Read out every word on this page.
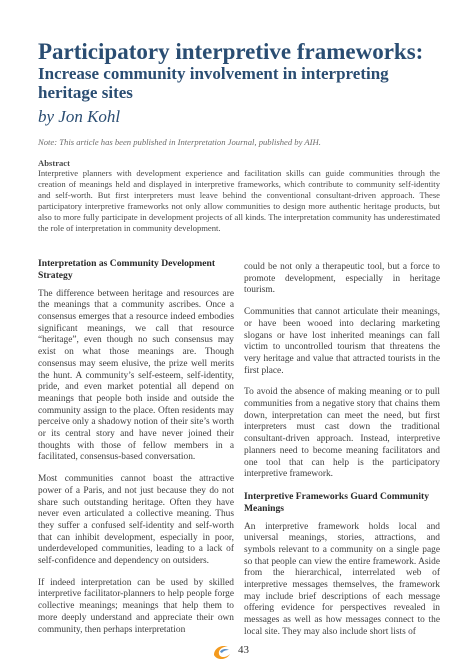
Participatory interpretive frameworks:
Increase community involvement in interpreting heritage sites
by Jon Kohl
Note: This article has been published in Interpretation Journal, published by AIH.
Abstract

Interpretive planners with development experience and facilitation skills can guide communities through the creation of meanings held and displayed in interpretive frameworks, which contribute to community self-identity and self-worth. But first interpreters must leave behind the conventional consultant-driven approach. These participatory interpretive frameworks not only allow communities to design more authentic heritage products, but also to more fully participate in development projects of all kinds. The interpretation community has underestimated the role of interpretation in community development.

Interpretation as Community Development Strategy

The difference between heritage and resources are the meanings that a community ascribes. Once a consensus emerges that a resource indeed embodies significant meanings, we call that resource “heritage”, even though no such consensus may exist on what those meanings are. Though consensus may seem elusive, the prize well merits the hunt. A community’s self-esteem, self-identity, pride, and even market potential all depend on meanings that people both inside and outside the community assign to the place. Often residents may perceive only a shadowy notion of their site’s worth or its central story and have never joined their thoughts with those of fellow members in a facilitated, consensus-based conversation.

Most communities cannot boast the attractive power of a Paris, and not just because they do not share such outstanding heritage. Often they have never even articulated a collective meaning. Thus they suffer a confused self-identity and self-worth that can inhibit development, especially in poor, underdeveloped communities, leading to a lack of self-confidence and dependency on outsiders.

If indeed interpretation can be used by skilled interpretive facilitator-planners to help people forge collective meanings; meanings that help them to more deeply understand and appreciate their own community, then perhaps interpretation

could be not only a therapeutic tool, but a force to promote development, especially in heritage tourism.

Communities that cannot articulate their meanings, or have been wooed into declaring marketing slogans or have lost inherited meanings can fall victim to uncontrolled tourism that threatens the very heritage and value that attracted tourists in the first place.

To avoid the absence of making meaning or to pull communities from a negative story that chains them down, interpretation can meet the need, but first interpreters must cast down the traditional consultant-driven approach. Instead, interpretive planners need to become meaning facilitators and one tool that can help is the participatory interpretive framework.

Interpretive Frameworks Guard Community Meanings

An interpretive framework holds local and universal meanings, stories, attractions, and symbols relevant to a community on a single page so that people can view the entire framework. Aside from the hierarchical, interrelated web of interpretive messages themselves, the framework may include brief descriptions of each message offering evidence for perspectives revealed in messages as well as how messages connect to the local site. They may also include short lists of

43
